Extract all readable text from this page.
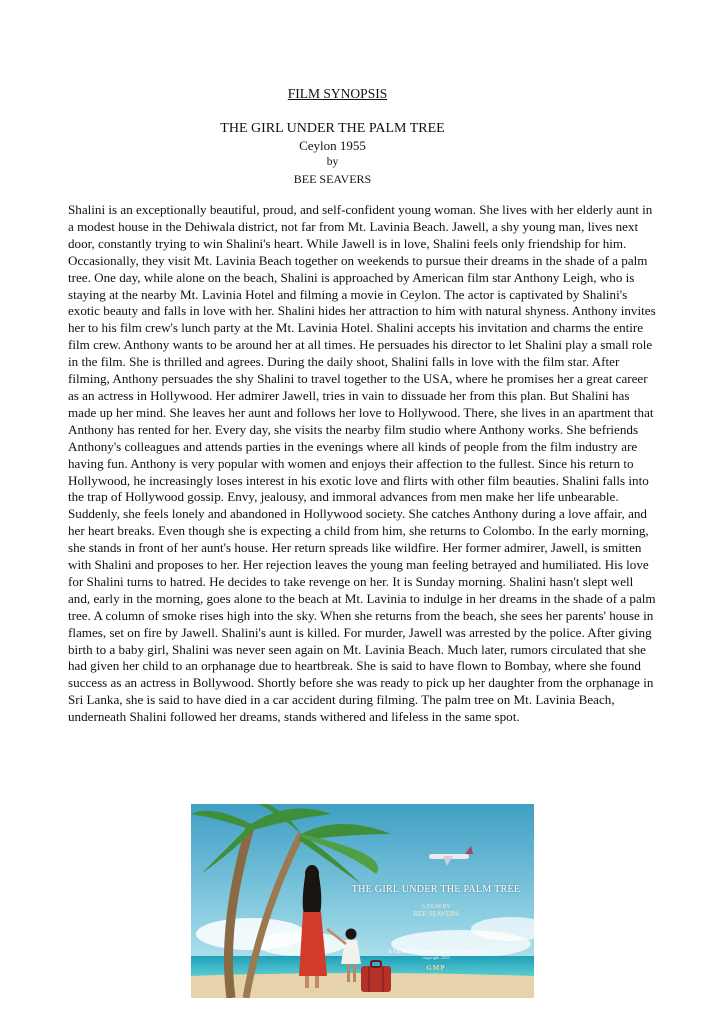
FILM SYNOPSIS
THE GIRL UNDER THE PALM TREE
Ceylon 1955
by
BEE SEAVERS

Shalini is an exceptionally beautiful, proud, and self-confident young woman. She lives with her elderly aunt in a modest house in the Dehiwala district, not far from Mt. Lavinia Beach. Jawell, a shy young man, lives next door, constantly trying to win Shalini's heart. While Jawell is in love, Shalini feels only friendship for him. Occasionally, they visit Mt. Lavinia Beach together on weekends to pursue their dreams in the shade of a palm tree. One day, while alone on the beach, Shalini is approached by American film star Anthony Leigh, who is staying at the nearby Mt. Lavinia Hotel and filming a movie in Ceylon. The actor is captivated by Shalini's exotic beauty and falls in love with her. Shalini hides her attraction to him with natural shyness. Anthony invites her to his film crew's lunch party at the Mt. Lavinia Hotel. Shalini accepts his invitation and charms the entire film crew. Anthony wants to be around her at all times. He persuades his director to let Shalini play a small role in the film. She is thrilled and agrees. During the daily shoot, Shalini falls in love with the film star. After filming, Anthony persuades the shy Shalini to travel together to the USA, where he promises her a great career as an actress in Hollywood. Her admirer Jawell, tries in vain to dissuade her from this plan. But Shalini has made up her mind. She leaves her aunt and follows her love to Hollywood. There, she lives in an apartment that Anthony has rented for her. Every day, she visits the nearby film studio where Anthony works. She befriends Anthony's colleagues and attends parties in the evenings where all kinds of people from the film industry are having fun. Anthony is very popular with women and enjoys their affection to the fullest. Since his return to Hollywood, he increasingly loses interest in his exotic love and flirts with other film beauties. Shalini falls into the trap of Hollywood gossip. Envy, jealousy, and immoral advances from men make her life unbearable. Suddenly, she feels lonely and abandoned in Hollywood society. She catches Anthony during a love affair, and her heart breaks. Even though she is expecting a child from him, she returns to Colombo. In the early morning, she stands in front of her aunt's house. Her return spreads like wildfire. Her former admirer, Jawell, is smitten with Shalini and proposes to her. Her rejection leaves the young man feeling betrayed and humiliated. His love for Shalini turns to hatred. He decides to take revenge on her. It is Sunday morning. Shalini hasn't slept well and, early in the morning, goes alone to the beach at Mt. Lavinia to indulge in her dreams in the shade of a palm tree. A column of smoke rises high into the sky. When she returns from the beach, she sees her parents' house in flames, set on fire by Jawell. Shalini's aunt is killed. For murder, Jawell was arrested by the police. After giving birth to a baby girl, Shalini was never seen again on Mt. Lavinia Beach. Much later, rumors circulated that she had given her child to an orphanage due to heartbreak. She is said to have flown to Bombay, where she found success as an actress in Bollywood. Shortly before she was ready to pick up her daughter from the orphanage in Sri Lanka, she is said to have died in a car accident during filming. The palm tree on Mt. Lavinia Beach, underneath Shalini followed her dreams, stands withered and lifeless in the same spot.

THE GIRL UNDER THE PALM TREE
A FILM BY
BEE SEAVERS
A Grindelmotion Pictures Production
copyright 2025
GMP
